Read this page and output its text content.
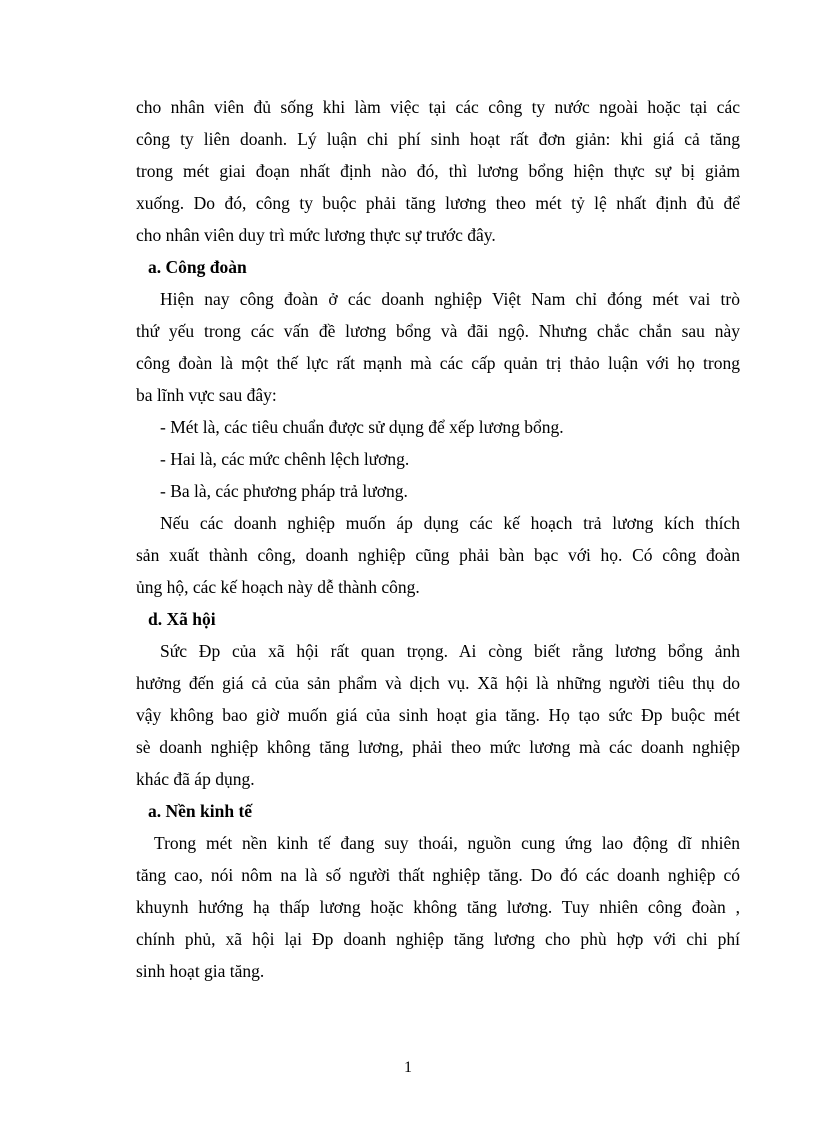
cho nhân viên đủ sống khi làm việc tại các công ty nước ngoài hoặc tại các
công ty liên doanh. Lý luận chi phí sinh hoạt rất đơn giản: khi giá cả tăng
trong mét giai đoạn nhất định nào đó, thì lương bổng hiện thực sự bị giảm
xuống. Do đó, công ty buộc phải tăng lương theo mét tỷ lệ nhất định đủ để
cho nhân viên duy trì mức lương thực sự trước đây.
a. Công đoàn
Hiện nay công đoàn ở các doanh nghiệp Việt Nam chỉ đóng mét vai trò
thứ yếu trong các vấn đề lương bổng và đãi ngộ. Nhưng chắc chắn sau này
công đoàn là một thế lực rất mạnh mà các cấp quản trị thảo luận với họ trong
ba lĩnh vực sau đây:
- Mét là, các tiêu chuẩn được sử dụng để xếp lương bổng.
- Hai là, các mức chênh lệch lương.
- Ba là, các phương pháp trả lương.
Nếu các doanh nghiệp muốn áp dụng các kế hoạch trả lương kích thích
sản xuất thành công, doanh nghiệp cũng phải bàn bạc với họ. Có công đoàn
ủng hộ, các kế hoạch này dễ thành công.
d. Xã hội
Sức Đp của xã hội rất quan trọng. Ai còng biết rằng lương bổng ảnh
hưởng đến giá cả của sản phẩm và dịch vụ. Xã hội là những người tiêu thụ do
vậy không bao giờ muốn giá của sinh hoạt gia tăng. Họ tạo sức Đp buộc mét
sè doanh nghiệp không tăng lương, phải theo mức lương mà các doanh nghiệp
khác đã áp dụng.
a. Nền kinh tế
Trong mét nền kinh tế đang suy thoái, nguồn cung ứng lao động dĩ nhiên
tăng cao, nói nôm na là số người thất nghiệp tăng. Do đó các doanh nghiệp có
khuynh hướng hạ thấp lương hoặc không tăng lương. Tuy nhiên công đoàn ,
chính phủ, xã hội lại Đp doanh nghiệp tăng lương cho phù hợp với chi phí
sinh hoạt gia tăng.
1
